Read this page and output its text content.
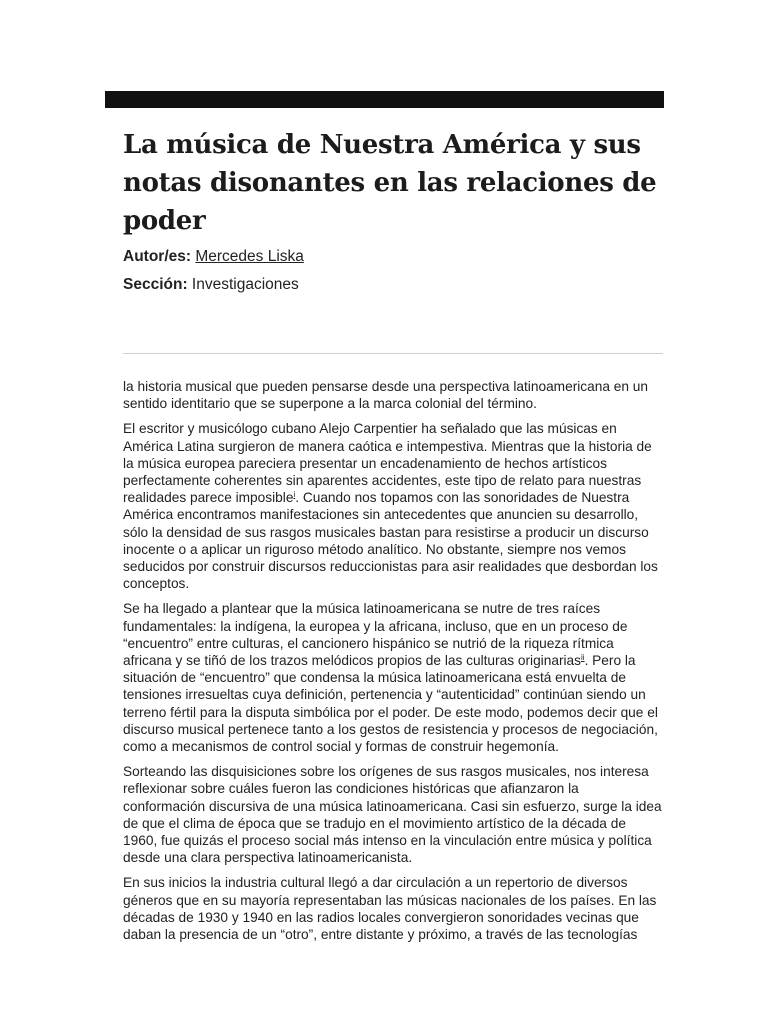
La música de Nuestra América y sus notas disonantes en las relaciones de poder
Autor/es: Mercedes Liska
Sección: Investigaciones

la historia musical que pueden pensarse desde una perspectiva latinoamericana en un sentido identitario que se superpone a la marca colonial del término.

El escritor y musicólogo cubano Alejo Carpentier ha señalado que las músicas en América Latina surgieron de manera caótica e intempestiva. Mientras que la historia de la música europea pareciera presentar un encadenamiento de hechos artísticos perfectamente coherentes sin aparentes accidentes, este tipo de relato para nuestras realidades parece imposible$^i$. Cuando nos topamos con las sonoridades de Nuestra América encontramos manifestaciones sin antecedentes que anuncien su desarrollo, sólo la densidad de sus rasgos musicales bastan para resistirse a producir un discurso inocente o a aplicar un riguroso método analítico. No obstante, siempre nos vemos seducidos por construir discursos reduccionistas para asir realidades que desbordan los conceptos.

Se ha llegado a plantear que la música latinoamericana se nutre de tres raíces fundamentales: la indígena, la europea y la africana, incluso, que en un proceso de “encuentro” entre culturas, el cancionero hispánico se nutrió de la riqueza rítmica africana y se tiñó de los trazos melódicos propios de las culturas originarias$^{ii}$. Pero la situación de “encuentro” que condensa la música latinoamericana está envuelta de tensiones irresueltas cuya definición, pertenencia y “autenticidad” continúan siendo un terreno fértil para la disputa simbólica por el poder. De este modo, podemos decir que el discurso musical pertenece tanto a los gestos de resistencia y procesos de negociación, como a mecanismos de control social y formas de construir hegemonía.

Sorteando las disquisiciones sobre los orígenes de sus rasgos musicales, nos interesa reflexionar sobre cuáles fueron las condiciones históricas que afianzaron la conformación discursiva de una música latinoamericana. Casi sin esfuerzo, surge la idea de que el clima de época que se tradujo en el movimiento artístico de la década de 1960, fue quizás el proceso social más intenso en la vinculación entre música y política desde una clara perspectiva latinoamericanista.

En sus inicios la industria cultural llegó a dar circulación a un repertorio de diversos géneros que en su mayoría representaban las músicas nacionales de los países. En las décadas de 1930 y 1940 en las radios locales convergieron sonoridades vecinas que daban la presencia de un “otro”, entre distante y próximo, a través de las tecnologías
